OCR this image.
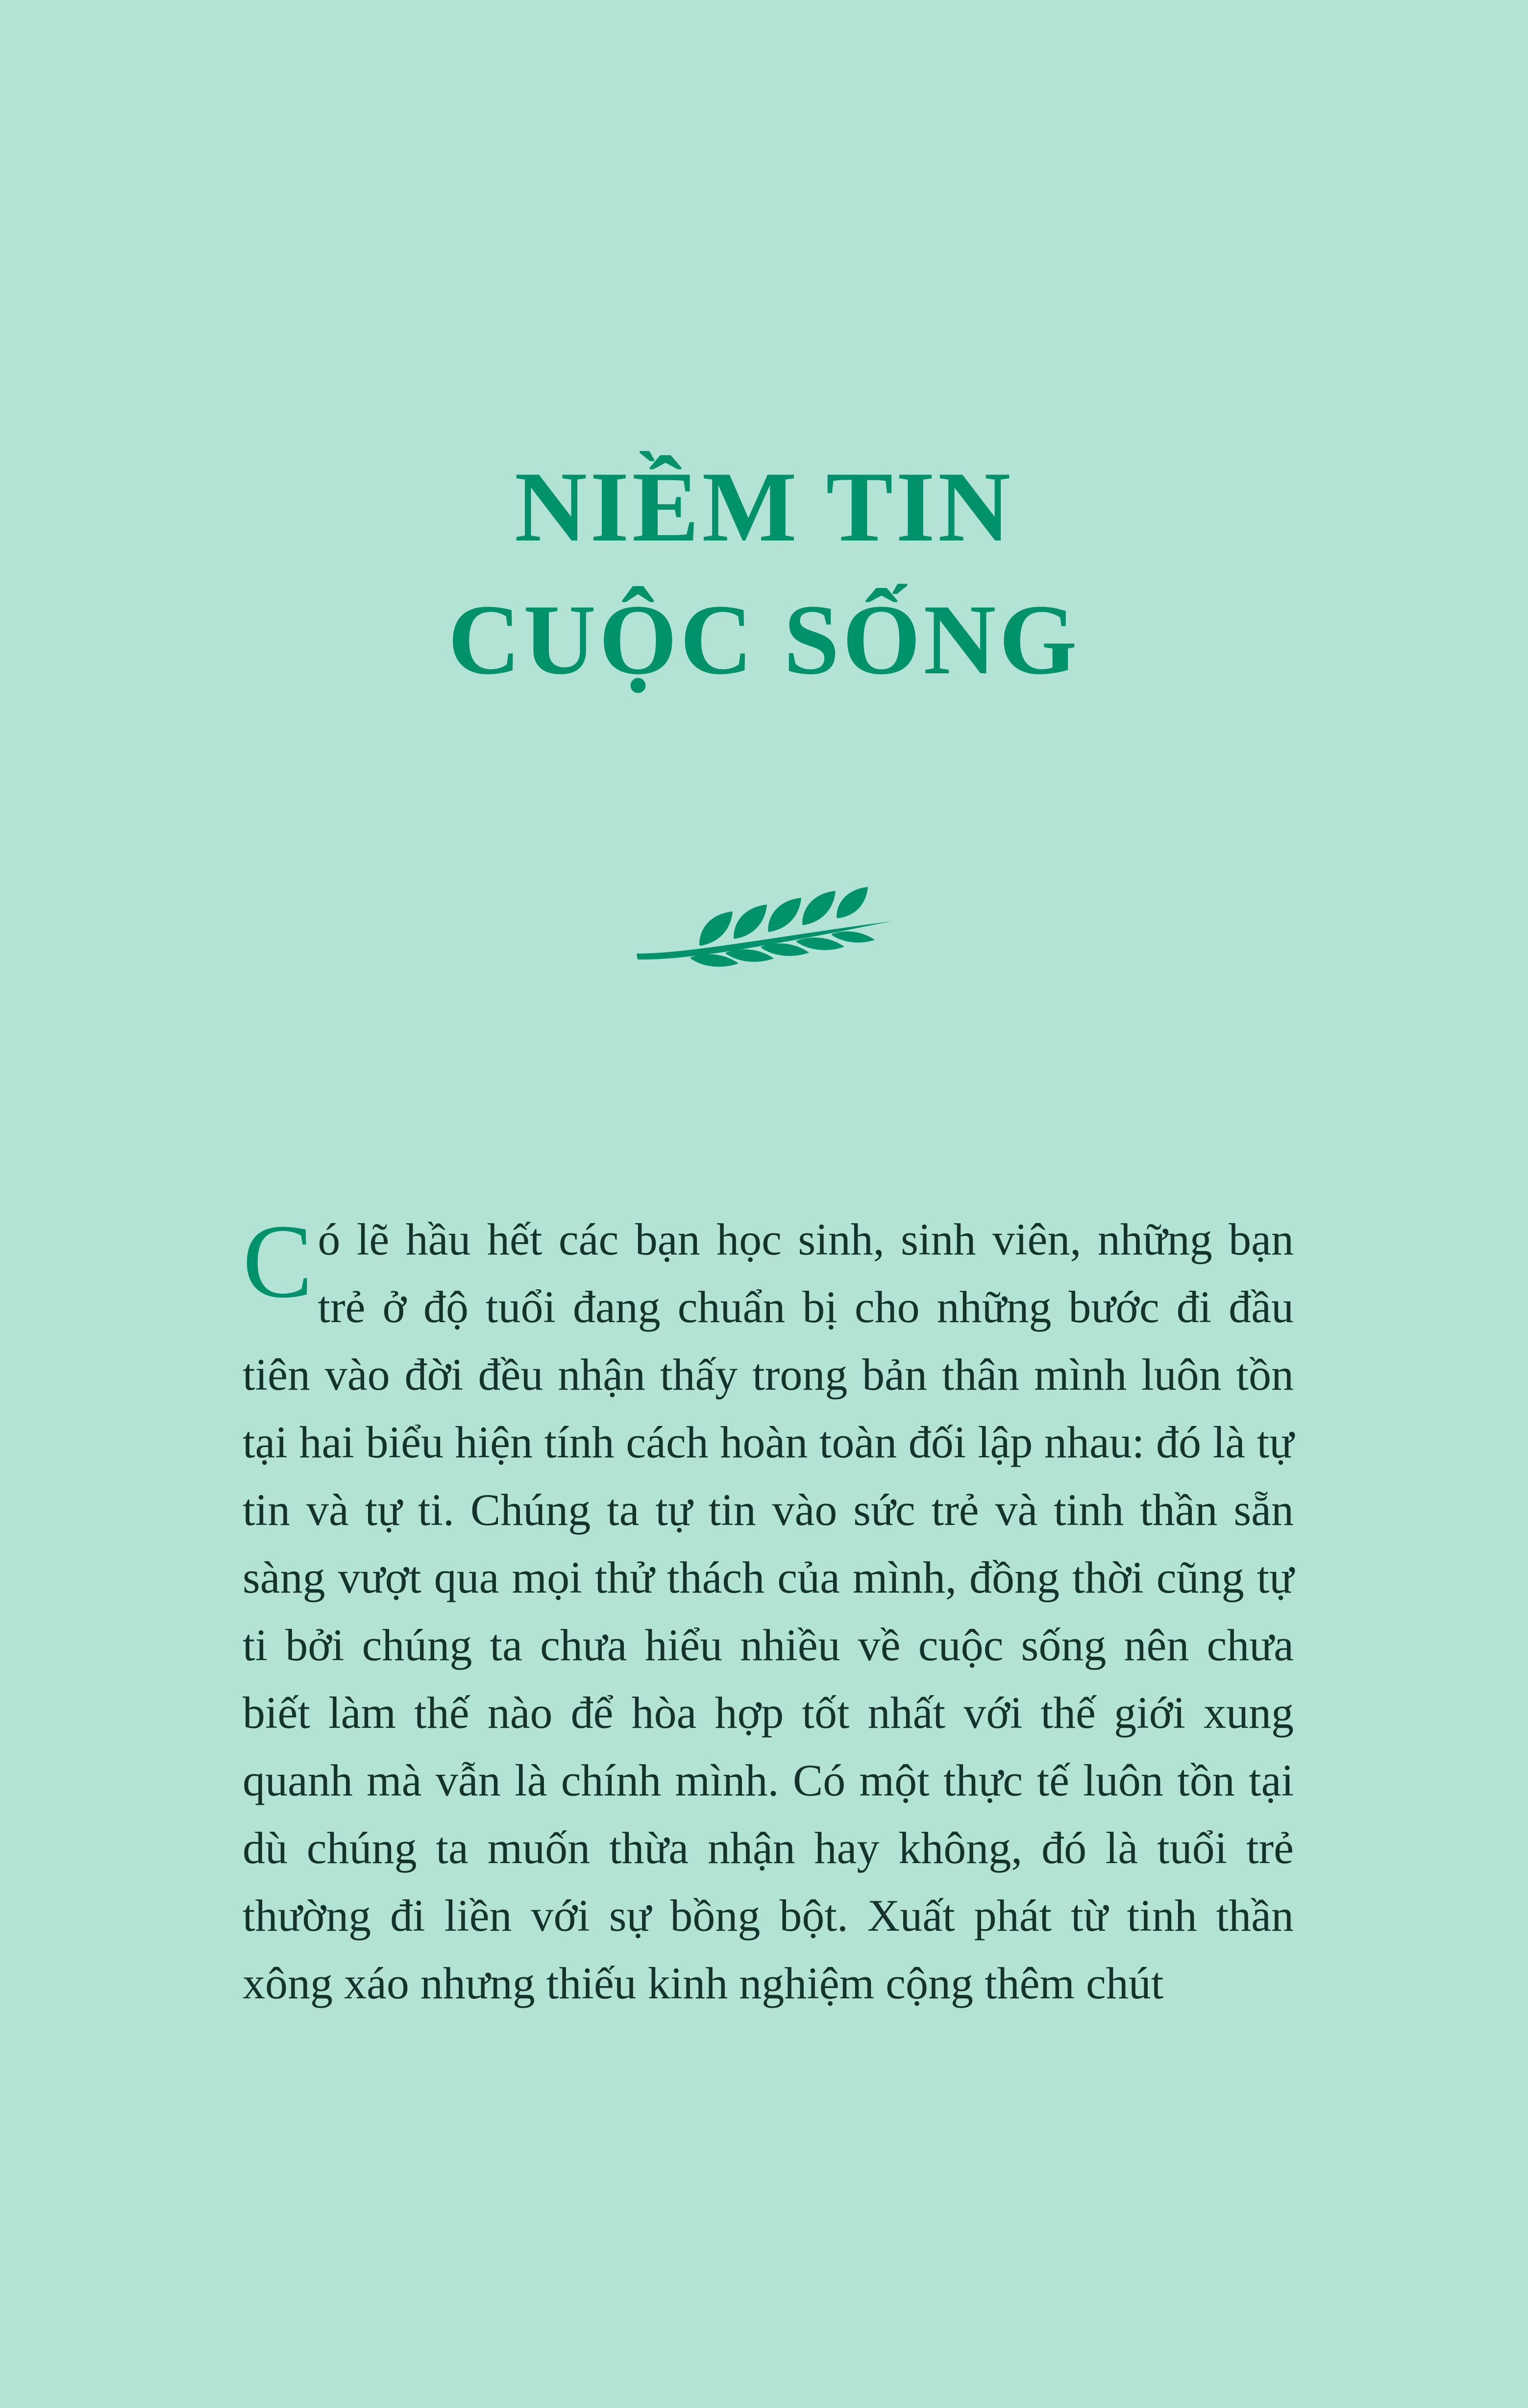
NIỀM TIN
CUỘC SỐNG

Có lẽ hầu hết các bạn học sinh, sinh viên, những bạn trẻ ở độ tuổi đang chuẩn bị cho những bước đi đầu tiên vào đời đều nhận thấy trong bản thân mình luôn tồn tại hai biểu hiện tính cách hoàn toàn đối lập nhau: đó là tự tin và tự ti. Chúng ta tự tin vào sức trẻ và tinh thần sẵn sàng vượt qua mọi thử thách của mình, đồng thời cũng tự ti bởi chúng ta chưa hiểu nhiều về cuộc sống nên chưa biết làm thế nào để hòa hợp tốt nhất với thế giới xung quanh mà vẫn là chính mình. Có một thực tế luôn tồn tại dù chúng ta muốn thừa nhận hay không, đó là tuổi trẻ thường đi liền với sự bồng bột. Xuất phát từ tinh thần xông xáo nhưng thiếu kinh nghiệm cộng thêm chút
